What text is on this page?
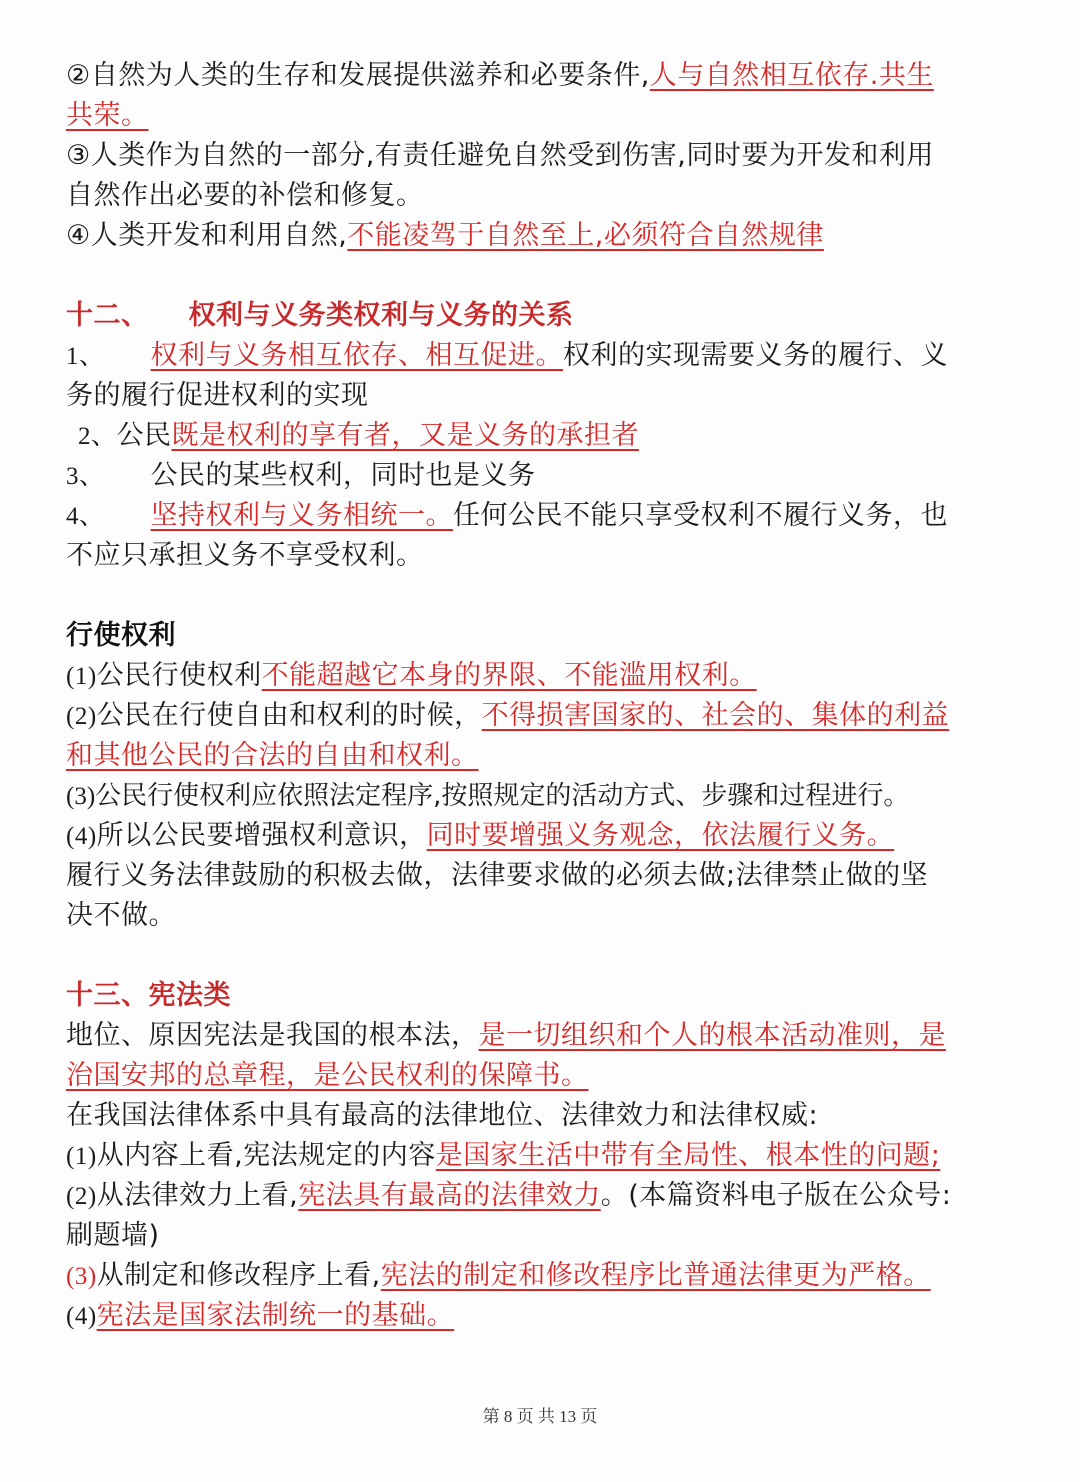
②自然为人类的生存和发展提供滋养和必要条件,人与自然相互依存.共生
共荣。
③人类作为自然的一部分,有责任避免自然受到伤害,同时要为开发和利用
自然作出必要的补偿和修复。
④人类开发和利用自然,不能凌驾于自然至上,必须符合自然规律
十二、 权利与义务类权利与义务的关系
1、 权利与义务相互依存、相互促进。权利的实现需要义务的履行、义
务的履行促进权利的实现
2、公民既是权利的享有者，又是义务的承担者
3、 公民的某些权利，同时也是义务
4、 坚持权利与义务相统一。任何公民不能只享受权利不履行义务，也
不应只承担义务不享受权利。
行使权利
(1)公民行使权利不能超越它本身的界限、不能滥用权利。
(2)公民在行使自由和权利的时候，不得损害国家的、社会的、集体的利益
和其他公民的合法的自由和权利。
(3)公民行使权利应依照法定程序,按照规定的活动方式、步骤和过程进行。
(4)所以公民要增强权利意识，同时要增强义务观念，依法履行义务。
履行义务法律鼓励的积极去做，法律要求做的必须去做;法律禁止做的坚
决不做。
十三、宪法类
地位、原因宪法是我国的根本法，是一切组织和个人的根本活动准则，是
治国安邦的总章程，是公民权利的保障书。
在我国法律体系中具有最高的法律地位、法律效力和法律权威:
(1)从内容上看,宪法规定的内容是国家生活中带有全局性、根本性的问题;
(2)从法律效力上看,宪法具有最高的法律效力。(本篇资料电子版在公众号:
刷题墙)
(3)从制定和修改程序上看,宪法的制定和修改程序比普通法律更为严格。
(4)宪法是国家法制统一的基础。
第 8 页 共 13 页
